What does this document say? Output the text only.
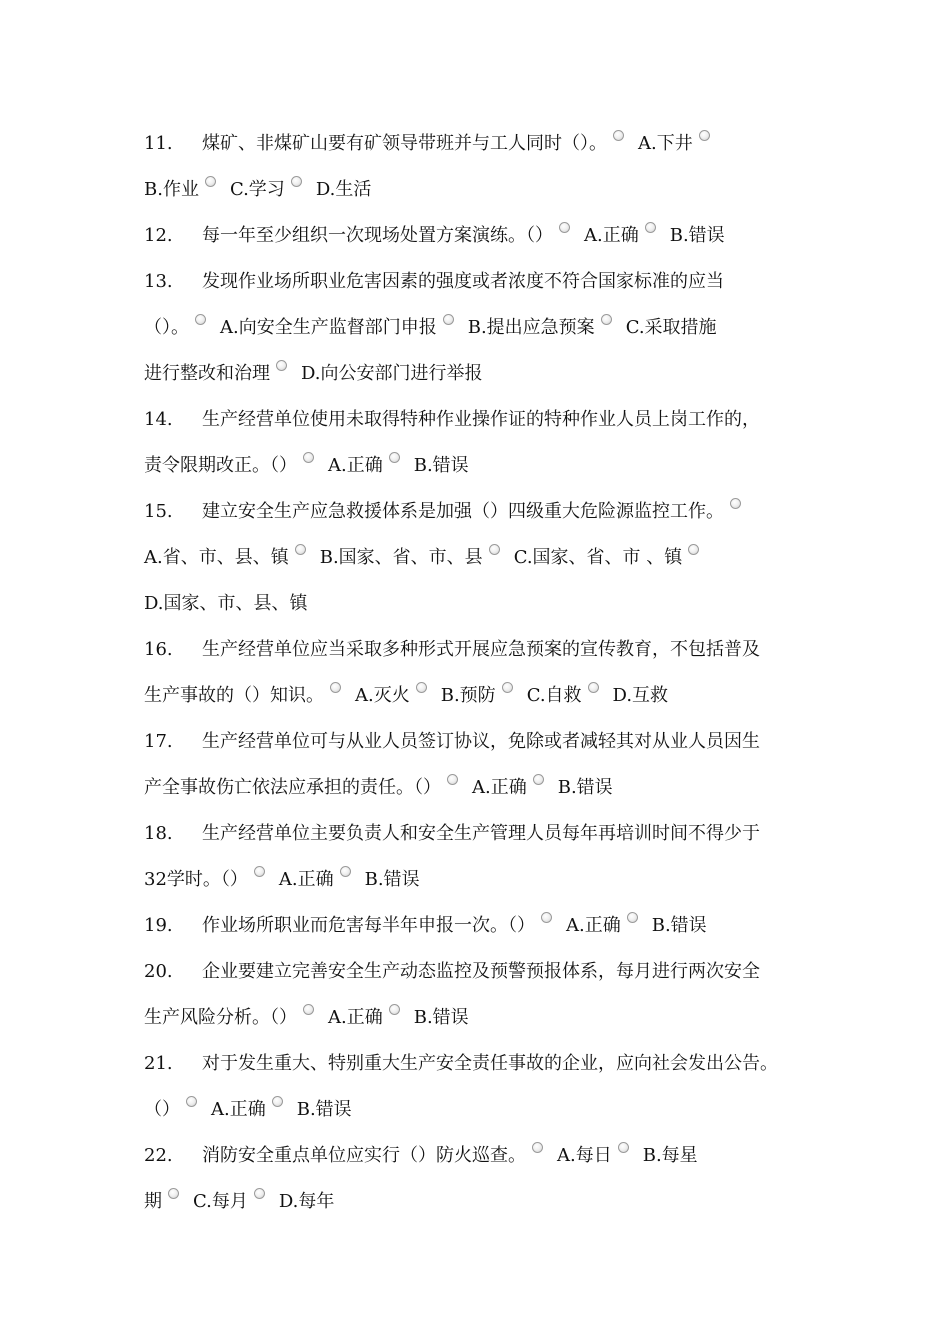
11. 煤矿、非煤矿山要有矿领导带班并与工人同时（）。 A.下井
B.作业 C.学习 D.生活
12. 每一年至少组织一次现场处置方案演练。（） A.正确 B.错误
13. 发现作业场所职业危害因素的强度或者浓度不符合国家标准的应当
（）。 A.向安全生产监督部门申报 B.提出应急预案 C.采取措施
进行整改和治理 D.向公安部门进行举报
14. 生产经营单位使用未取得特种作业操作证的特种作业人员上岗工作的，
责令限期改正。（） A.正确 B.错误
15. 建立安全生产应急救援体系是加强（）四级重大危险源监控工作。
A.省、市、县、镇 B.国家、省、市、县 C.国家、省、市 、镇
D.国家、市、县、镇
16. 生产经营单位应当采取多种形式开展应急预案的宣传教育，不包括普及
生产事故的（）知识。 A.灭火 B.预防 C.自救 D.互救
17. 生产经营单位可与从业人员签订协议，免除或者减轻其对从业人员因生
产全事故伤亡依法应承担的责任。（） A.正确 B.错误
18. 生产经营单位主要负责人和安全生产管理人员每年再培训时间不得少于
32学时。（） A.正确 B.错误
19. 作业场所职业而危害每半年申报一次。（） A.正确 B.错误
20. 企业要建立完善安全生产动态监控及预警预报体系，每月进行两次安全
生产风险分析。（） A.正确 B.错误
21. 对于发生重大、特别重大生产安全责任事故的企业，应向社会发出公告。
（） A.正确 B.错误
22. 消防安全重点单位应实行（）防火巡查。 A.每日 B.每星
期 C.每月 D.每年
